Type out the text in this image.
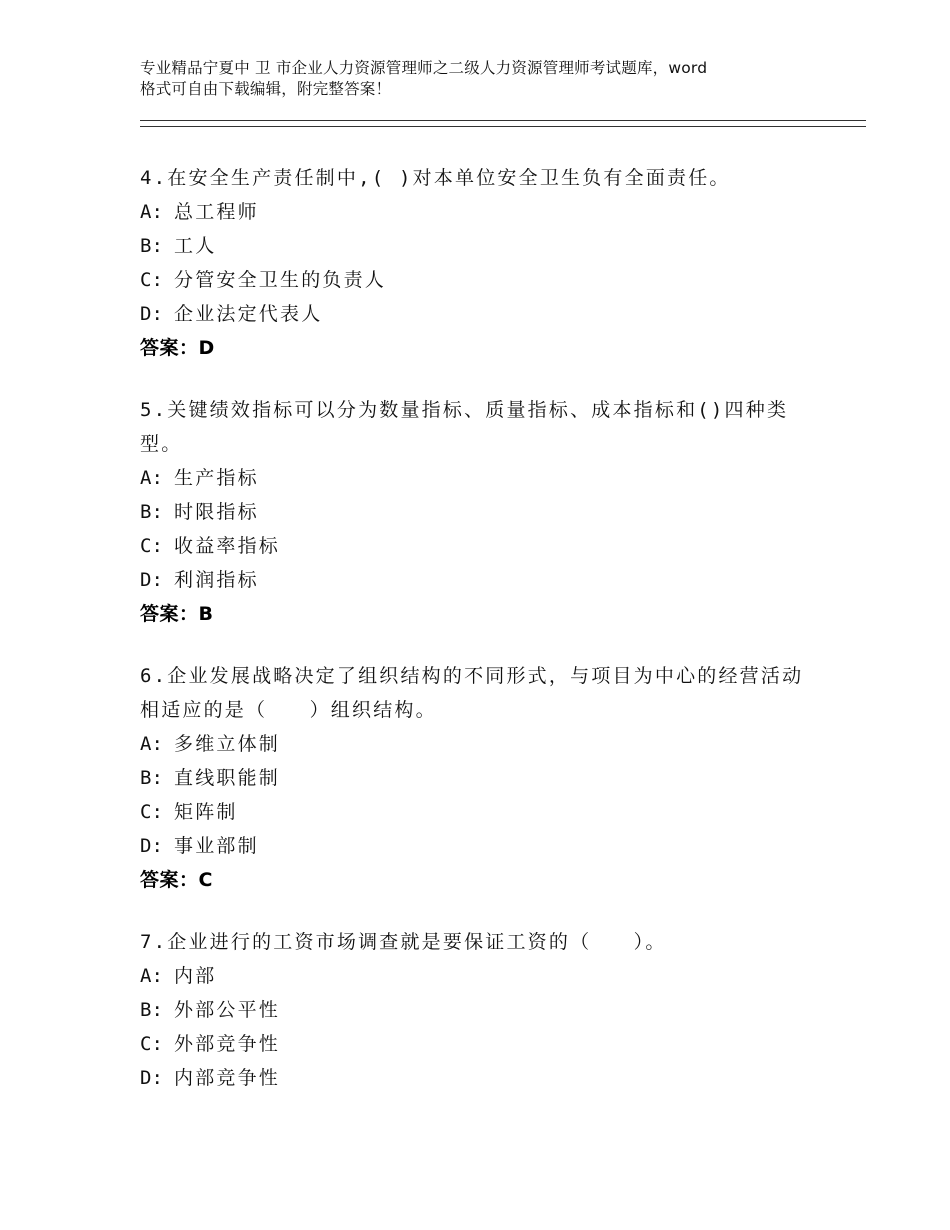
专业精品宁夏中 卫 市企业人力资源管理师之二级人力资源管理师考试题库，word
格式可自由下载编辑，附完整答案！
4.在安全生产责任制中,( )对本单位安全卫生负有全面责任。
A: 总工程师
B: 工人
C: 分管安全卫生的负责人
D: 企业法定代表人
答案：D
5.关键绩效指标可以分为数量指标、质量指标、成本指标和()四种类型。
A: 生产指标
B: 时限指标
C: 收益率指标
D: 利润指标
答案：B
6.企业发展战略决定了组织结构的不同形式，与项目为中心的经营活动相适应的是（　　）组织结构。
A: 多维立体制
B: 直线职能制
C: 矩阵制
D: 事业部制
答案：C
7.企业进行的工资市场调查就是要保证工资的（　　）。
A: 内部
B: 外部公平性
C: 外部竞争性
D: 内部竞争性
